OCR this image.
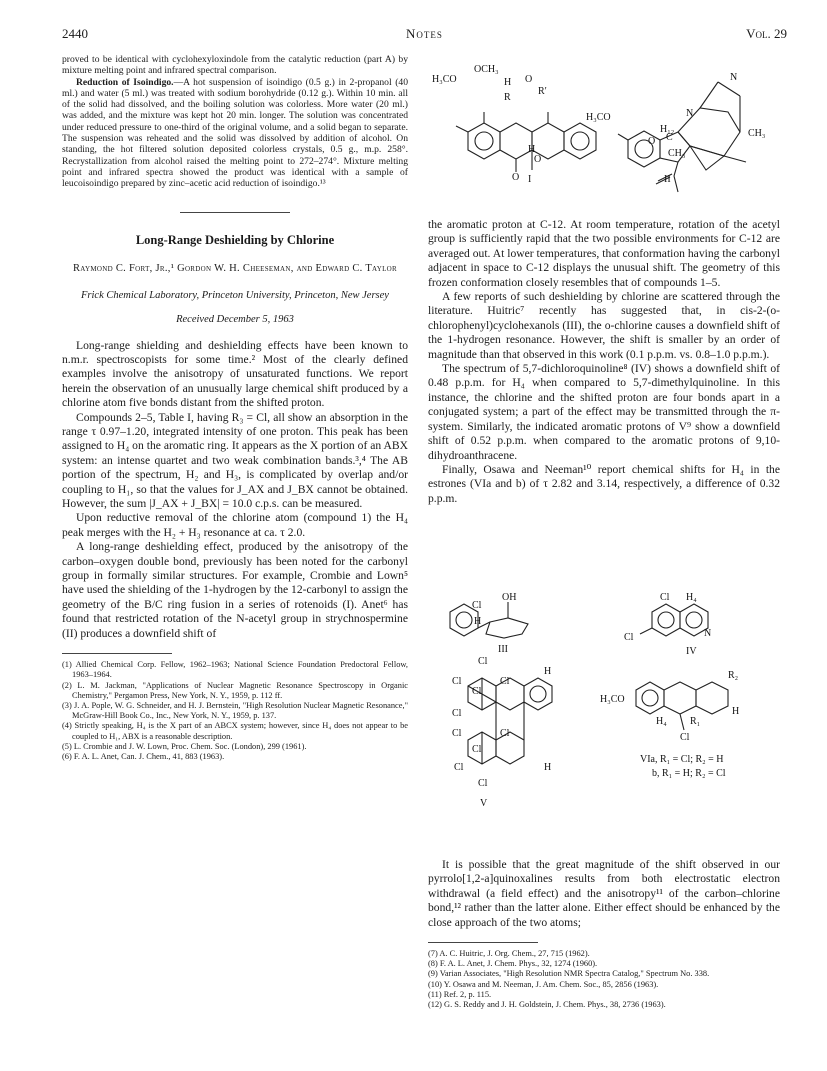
2440	Notes	Vol. 29

proved to be identical with cyclohexyloxindole from the catalytic reduction (part A) by mixture melting point and infrared spectral comparison.

Reduction of Isoindigo.—A hot suspension of isoindigo (0.5 g.) in 2-propanol (40 ml.) and water (5 ml.) was treated with sodium borohydride (0.12 g.). Within 10 min. all of the solid had dissolved, and the boiling solution was colorless. More water (20 ml.) was added, and the mixture was kept hot 20 min. longer. The solution was concentrated under reduced pressure to one-third of the original volume, and a solid began to separate. The suspension was reheated and the solid was dissolved by addition of alcohol. On standing, the hot filtered solution deposited colorless crystals, 0.5 g., m.p. 258°. Recrystallization from alcohol raised the melting point to 272–274°. Mixture melting point and infrared spectra showed the product was identical with a sample of leucoisoindigo prepared by zinc–acetic acid reduction of isoindigo.¹³

Long-Range Deshielding by Chlorine
Raymond C. Fort, Jr.,¹ Gordon W. H. Cheeseman, and Edward C. Taylor
Frick Chemical Laboratory, Princeton University, Princeton, New Jersey
Received December 5, 1963

Long-range shielding and deshielding effects have been known to n.m.r. spectroscopists for some time.² Most of the clearly defined examples involve the anisotropy of unsaturated functions. We report herein the observation of an unusually large chemical shift produced by a chlorine atom five bonds distant from the shifted proton.

Compounds 2–5, Table I, having R₃ = Cl, all show an absorption in the range τ 0.97–1.20, integrated intensity of one proton. This peak has been assigned to H₄ on the aromatic ring. It appears as the X portion of an ABX system: an intense quartet and two weak combination bands.³,⁴ The AB portion of the spectrum, H₂ and H₃, is complicated by overlap and/or coupling to H₁, so that the values for J_AX and J_BX cannot be obtained. However, the sum |J_AX + J_BX| = 10.0 c.p.s. can be measured.

Upon reductive removal of the chlorine atom (compound 1) the H₄ peak merges with the H₂ + H₃ resonance at ca. τ 2.0.

A long-range deshielding effect, produced by the anisotropy of the carbon–oxygen double bond, previously has been noted for the carbonyl group in formally similar structures. For example, Crombie and Lown⁵ have used the shielding of the 1-hydrogen by the 12-carbonyl to assign the geometry of the B/C ring fusion in a series of rotenoids (I). Anet⁶ has found that restricted rotation of the N-acetyl group in strychnospermine (II) produces a downfield shift of

(1) Allied Chemical Corp. Fellow, 1962–1963; National Science Foundation Predoctoral Fellow, 1963–1964.

(2) L. M. Jackman, "Applications of Nuclear Magnetic Resonance Spectroscopy in Organic Chemistry," Pergamon Press, New York, N. Y., 1959, p. 112 ff.

(3) J. A. Pople, W. G. Schneider, and H. J. Bernstein, "High Resolution Nuclear Magnetic Resonance," McGraw-Hill Book Co., Inc., New York, N. Y., 1959, p. 137.

(4) Strictly speaking, H₄ is the X part of an ABCX system; however, since H₄ does not appear to be coupled to H₁, ABX is a reasonable description.

(5) L. Crombie and J. W. Lown, Proc. Chem. Soc. (London), 299 (1961).

(6) F. A. L. Anet, Can. J. Chem., 41, 883 (1963).

OCH₃
H₃CO	H
R
R′
O
O
O
H
I
N
H₃CO
H₁₂
N
O C	CH₃
CH₃
II

the aromatic proton at C-12. At room temperature, rotation of the acetyl group is sufficiently rapid that the two possible environments for C-12 are averaged out. At lower temperatures, that conformation having the carbonyl adjacent in space to C-12 displays the unusual shift. The geometry of this frozen conformation closely resembles that of compounds 1–5.

A few reports of such deshielding by chlorine are scattered through the literature. Huitric⁷ recently has suggested that, in cis-2-(o-chlorophenyl)cyclohexanols (III), the o-chlorine causes a downfield shift of the 1-hydrogen resonance. However, the shift is smaller by an order of magnitude than that observed in this work (0.1 p.p.m. vs. 0.8–1.0 p.p.m.).

The spectrum of 5,7-dichloroquinoline⁸ (IV) shows a downfield shift of 0.48 p.p.m. for H₄ when compared to 5,7-dimethylquinoline. In this instance, the chlorine and the shifted proton are four bonds apart in a conjugated system; a part of the effect may be transmitted through the π-system. Similarly, the indicated aromatic protons of V⁹ show a downfield shift of 0.52 p.p.m. when compared to the aromatic protons of 9,10-dihydroanthracene.

Finally, Osawa and Neeman¹⁰ report chemical shifts for H₄ in the estrones (VIa and b) of τ 2.82 and 3.14, respectively, a difference of 0.32 p.p.m.

OH
Cl
H
III
Cl H₄
Cl	N
IV
Cl
Cl	Cl
Cl
Cl
Cl	Cl
Cl
Cl
Cl
H
H
V
R₂
H₃CO
H
H₄ R₁
Cl
VIa, R₁ = Cl; R₂ = H
b, R₁ = H; R₂ = Cl

It is possible that the great magnitude of the shift observed in our pyrrolo[1,2-a]quinoxalines results from both electrostatic electron withdrawal (a field effect) and the anisotropy¹¹ of the carbon–chlorine bond,¹² rather than the latter alone. Either effect should be enhanced by the close approach of the two atoms;

(7) A. C. Huitric, J. Org. Chem., 27, 715 (1962).

(8) F. A. L. Anet, J. Chem. Phys., 32, 1274 (1960).

(9) Varian Associates, "High Resolution NMR Spectra Catalog," Spectrum No. 338.

(10) Y. Osawa and M. Neeman, J. Am. Chem. Soc., 85, 2856 (1963).

(11) Ref. 2, p. 115.

(12) G. S. Reddy and J. H. Goldstein, J. Chem. Phys., 38, 2736 (1963).
